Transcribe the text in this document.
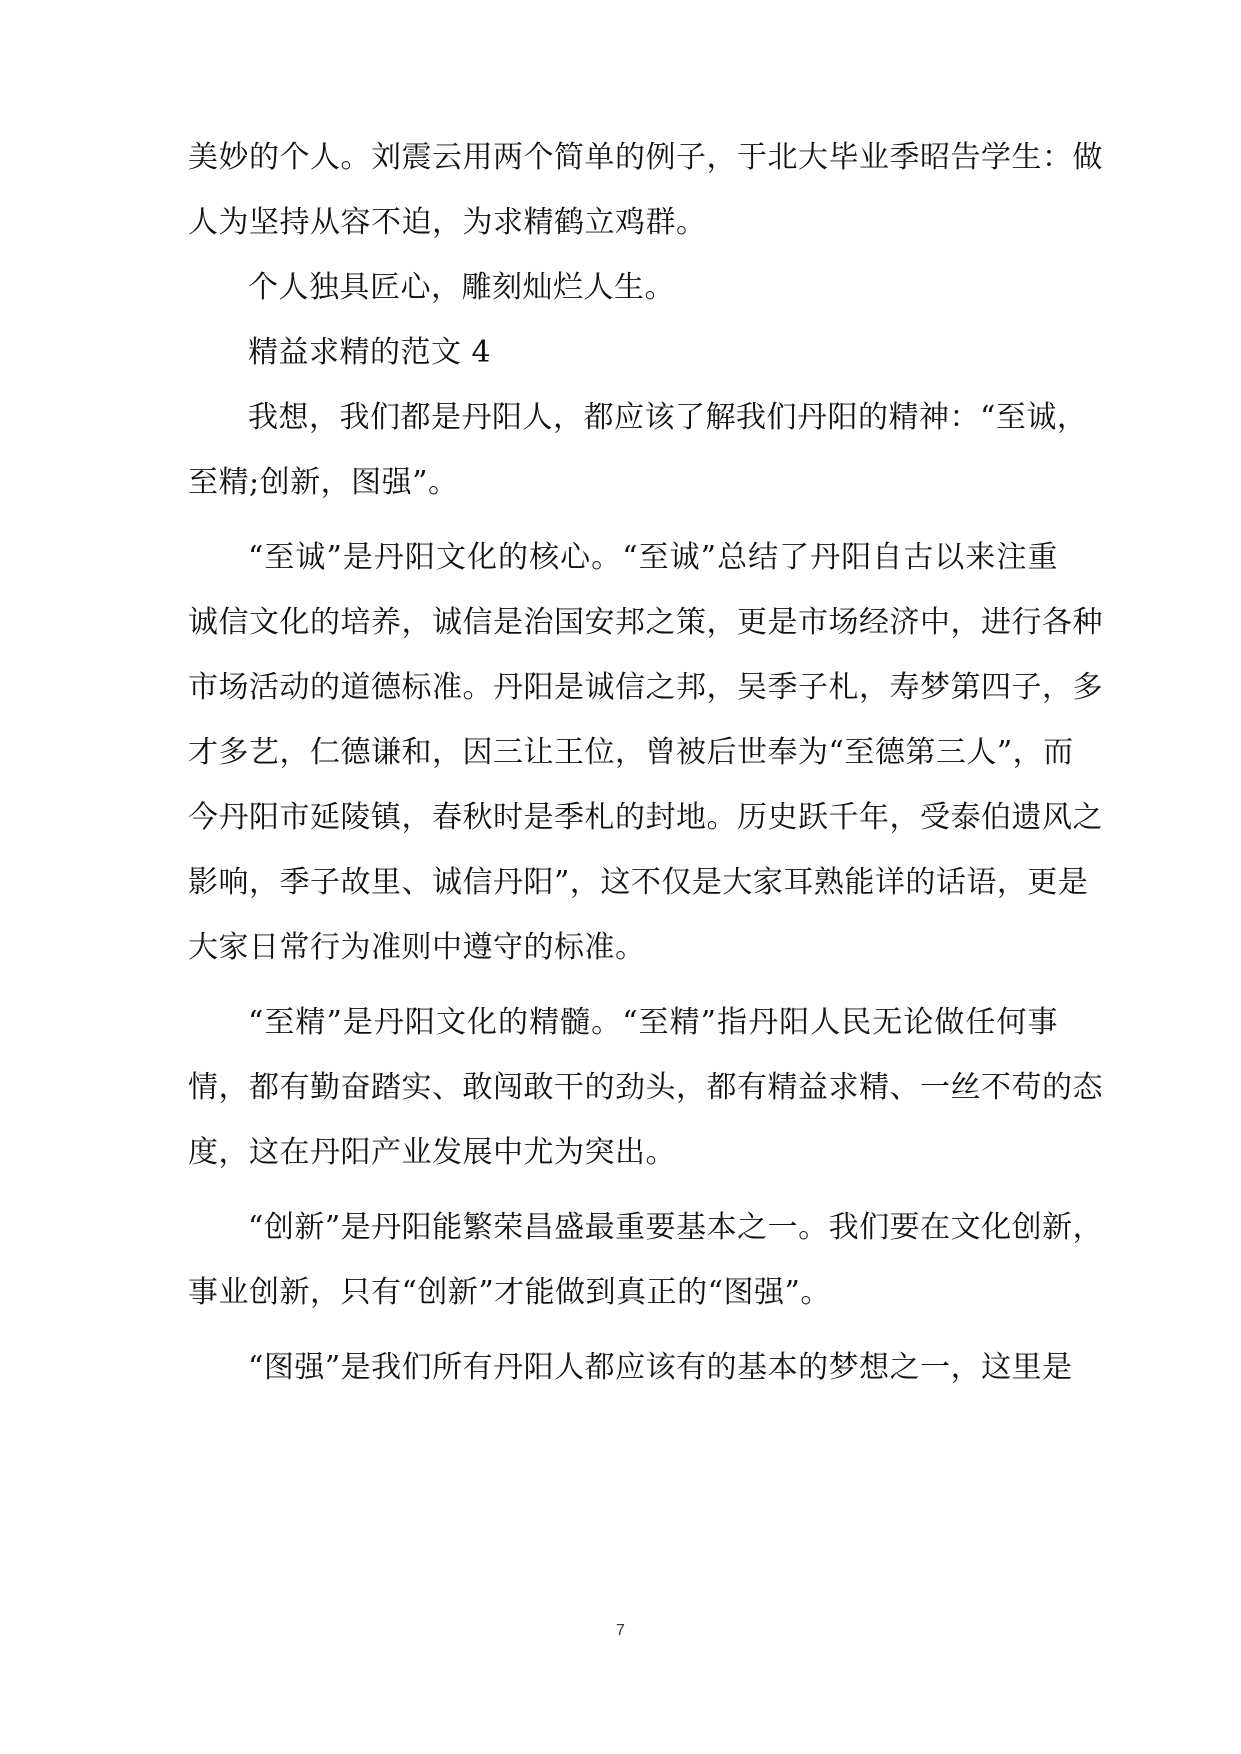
美妙的个人。刘震云用两个简单的例子，于北大毕业季昭告学生：做
人为坚持从容不迫，为求精鹤立鸡群。
个人独具匠心，雕刻灿烂人生。
精益求精的范文 4
我想，我们都是丹阳人，都应该了解我们丹阳的精神：“至诚，
至精;创新，图强”。
“至诚”是丹阳文化的核心。“至诚”总结了丹阳自古以来注重
诚信文化的培养，诚信是治国安邦之策，更是市场经济中，进行各种
市场活动的道德标准。丹阳是诚信之邦，吴季子札，寿梦第四子，多
才多艺，仁德谦和，因三让王位，曾被后世奉为“至德第三人”，而
今丹阳市延陵镇，春秋时是季札的封地。历史跃千年，受泰伯遗风之
影响，季子故里、诚信丹阳”，这不仅是大家耳熟能详的话语，更是
大家日常行为准则中遵守的标准。
“至精”是丹阳文化的精髓。“至精”指丹阳人民无论做任何事
情，都有勤奋踏实、敢闯敢干的劲头，都有精益求精、一丝不苟的态
度，这在丹阳产业发展中尤为突出。
“创新”是丹阳能繁荣昌盛最重要基本之一。我们要在文化创新，
事业创新，只有“创新”才能做到真正的“图强”。
“图强”是我们所有丹阳人都应该有的基本的梦想之一，这里是
7
